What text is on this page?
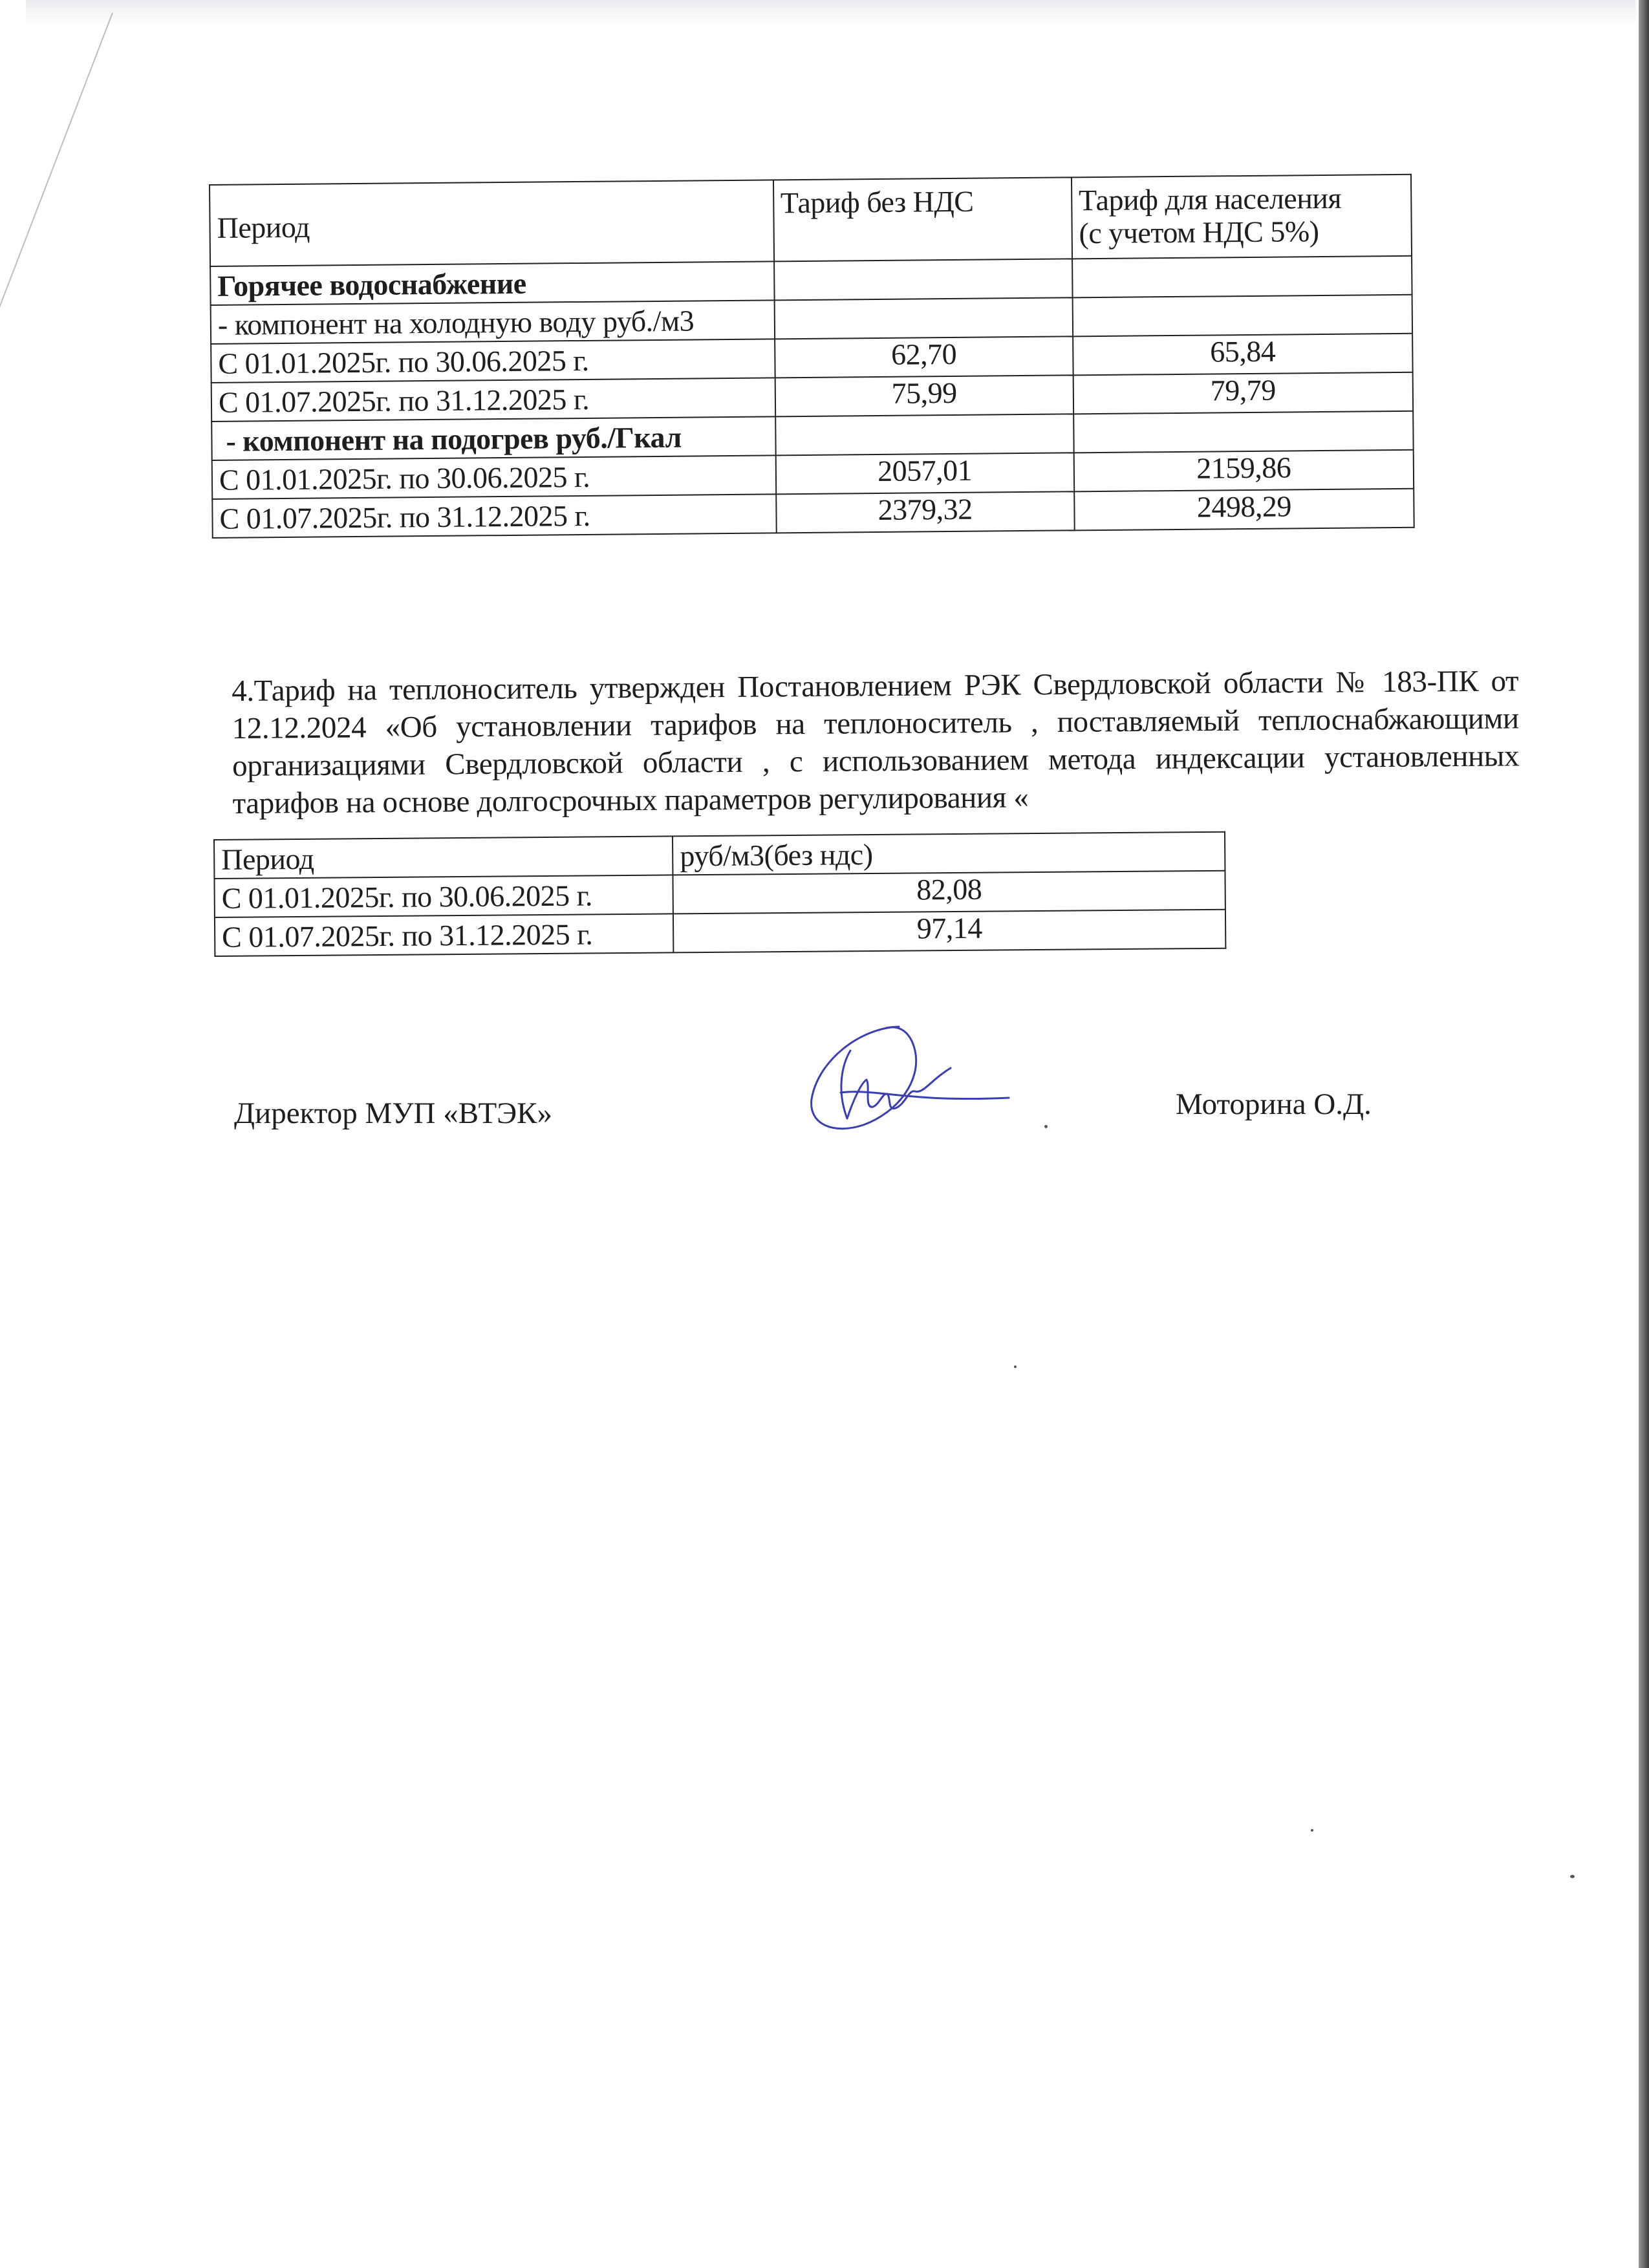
Период	Тариф без НДС	Тариф для населения
(с учетом НДС 5%)

Горячее водоснабжение		
- компонент на холодную воду руб./м3		
С 01.01.2025г. по 30.06.2025 г.	62,70	65,84
С 01.07.2025г. по 31.12.2025 г.	75,99	79,79
- компонент на подогрев руб./Гкал		
С 01.01.2025г. по 30.06.2025 г.	2057,01	2159,86
С 01.07.2025г. по 31.12.2025 г.	2379,32	2498,29

4.Тариф на теплоноситель утвержден Постановлением РЭК Свердловской области № 183-ПК от 12.12.2024 «Об установлении тарифов на теплоноситель , поставляемый теплоснабжающими организациями Свердловской области , с использованием метода индексации установленных тарифов на основе долгосрочных параметров регулирования «

Период	руб/м3(без ндс)
С 01.01.2025г. по 30.06.2025 г.	82,08
С 01.07.2025г. по 31.12.2025 г.	97,14
Директор МУП «ВТЭК»	Моторина О.Д.
